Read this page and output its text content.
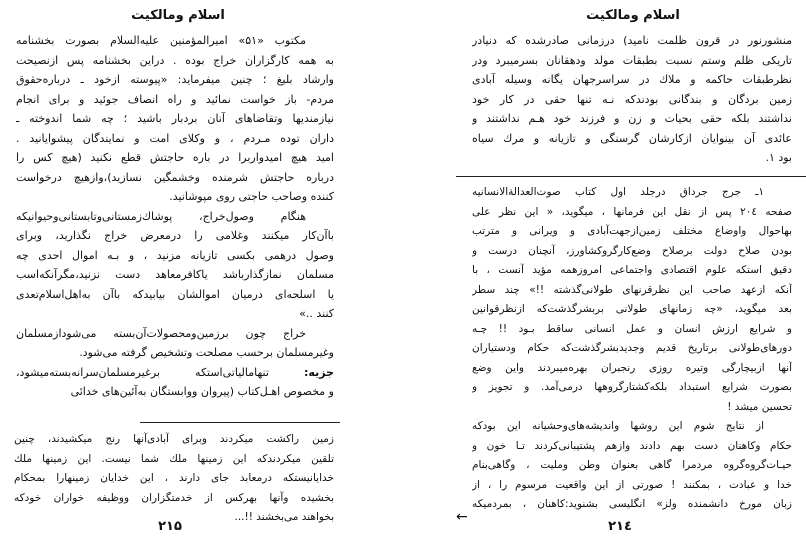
اسلام ومالكيت
مکتوب «۵۱» امیرالمؤمنین علیه‌السلام بصورت بخشنامه
به همه کارگزاران خراج بوده . دراین بخشنامه پس ازنصیحت
وارشاد بلیغ ؛ چنین میفرماید: «پیوسته ازخود ـ درباره‌حقوق
مردم- باز خواست نمائید و راه انصاف جوئید و برای انجام
نیازمندیها وتقاضاهای آنان بردبار باشید ؛ چه شما اندوخته ـ
داران توده مـردم ، و وکلای امت و نمایندگان پیشوایانید .
امید هیچ امیدواربرا در باره حاجتش قطع نکنید (هیچ کس را
درباره حاجتش شرمنده وخشمگین نسازید)،وازهیچ درخواست
کننده وصاحب حاجتی روی مپوشانید.
هنگام وصول‌خراج، پوشاك‌زمستانی‌وتابستانی‌وحیوانیکه
باآن‌کار میکنند وغلامی را درمعرض خراج نگذارید، وبرای
وصول درهمی بکسی تازیانه مزنید ، و بـه اموال احدی چه
مسلمان نمازگذارباشد یاکافرمعاهد دست نزنید،مگرآنکه‌اسب
یا اسلحه‌ای درمیان اموالشان بیابیدکه باآن به‌اهل‌اسلام‌تعدی
کنند ..»
خراج چون برزمین‌ومحصولات‌آن‌بسته می‌شودازمسلمان
وغیرمسلمان برحسب مصلحت وتشخیص گرفته می‌شود.
جزیه: تنهامالیاتی‌استکه برغیرمسلمان‌سرانه‌بسته‌میشود،
و مخصوص اهـل‌کتاب (پیروان ووابستگان به‌آئین‌های خدائی
زمین راکشت میکردند وبرای آبادی‌آنها رنج میکشیدند، چنین
تلقین میکردندکه این زمینها ملك شما نیست. این زمینها ملك
خدایانیستکه درمعابد جای دارند ، این خدایان زمینهارا بمحکام
بخشیده وآنها بهرکس از خدمتگزاران ووظیفه خواران خودکه
بخواهند می‌بخشند !!...
۲۱۵
اسلام ومالكيت
منشورنور در قرون ظلمت نامید) درزمانی صادرشده که دنیادر
تاریکی ظلم وستم نسبت بطبقات مولد ودهقانان بسرمیبرد ودر
نظرطبقات حاکمه و ملاك در سراسرجهان یگانه وسیله آبادی
زمین بردگان و بندگانی بودندکه نـه تنها حقی در کار خود
نداشتند بلکه حقی بحیات و زن و فرزند خود هـم نداشتند و
عائدی آن بینوایان ازکارشان گرسنگی و تازیانه و مرك سیاه
بود ۱.
۱ـ جرج جرداق درجلد اول کتاب صوت‌العدالةالانسانیه
صفحه ۲۰٤ پس از نقل این فرمانها ، میگوید، « این نظر علی
بهاحوال واوضاع مختلف زمین‌ازجهت‌آبادی و ویرانی و مترتب
بودن صلاح دولت برصلاح وضع‌کارگروکشاورز، آنچنان درست و
دقیق استکه علوم اقتصادی واجتماعی امروزهمه مؤید آنست ، با
آنکه ازعهد صاحب این نظرقرنهای طولانی‌گذشته !!» چند سطر
بعد میگوید، «چه زمانهای طولانی بربشرگذشت‌که ازنظرقوانین
و شرایع ارزش انسان و عمل انسانی ساقط بـود !! چـه
دورهای‌طولانی برتاریخ قدیم وجدیدبشرگذشت‌که حکام ودستیاران
آنها ازبیچارگی وتیره روزی رنجبران بهره‌میبردند واین وضع
بصورت شرایع استبداد بلکه‌کشتارگروهها درمی‌آمد. و تجویز و
تحسین میشد !
از نتایج شوم این روشها واندیشه‌های‌وحشیانه این بودکه
حکام وکاهنان دست بهم دادند وازهم پشتیبانی‌کردند تـا خون و
حیـات‌گروه‌گروه مردمرا گاهی بعنوان وطن وملیت ، وگاهی‌بنام
خدا و عبادت ، بمکنند ! صورتی از این واقعیت مرسوم را ، از
زبان مورخ دانشمنده ولز» انگلیسی بشنوید:کاهنان ، بمردمیکه
←
۲۱٤
